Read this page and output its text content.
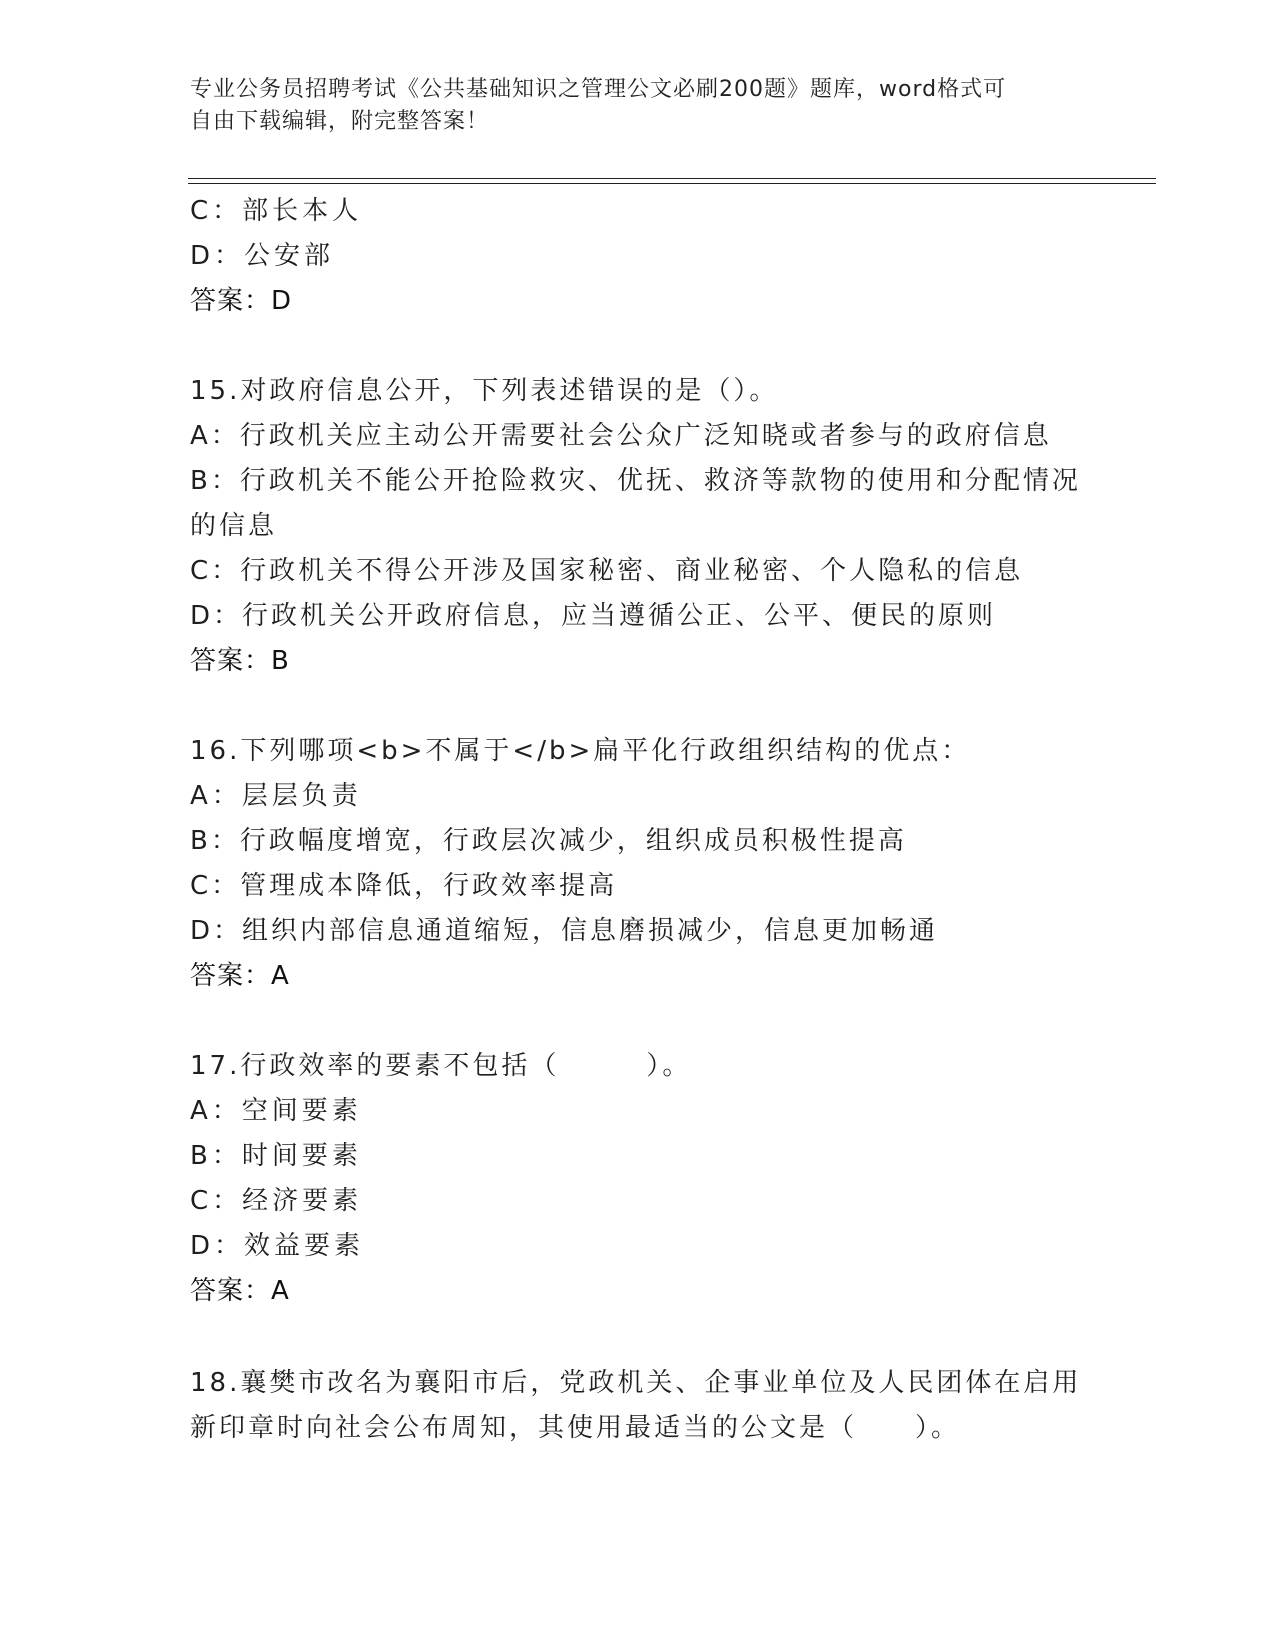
专业公务员招聘考试《公共基础知识之管理公文必刷200题》题库，word格式可
自由下载编辑，附完整答案！
C：部长本人
D：公安部
答案：D
15.对政府信息公开，下列表述错误的是（）。
A：行政机关应主动公开需要社会公众广泛知晓或者参与的政府信息
B：行政机关不能公开抢险救灾、优抚、救济等款物的使用和分配情况
的信息
C：行政机关不得公开涉及国家秘密、商业秘密、个人隐私的信息
D：行政机关公开政府信息，应当遵循公正、公平、便民的原则
答案：B
16.下列哪项<b>不属于</b>扁平化行政组织结构的优点：
A：层层负责
B：行政幅度增宽，行政层次减少，组织成员积极性提高
C：管理成本降低，行政效率提高
D：组织内部信息通道缩短，信息磨损减少，信息更加畅通
答案：A
17.行政效率的要素不包括（　　　）。
A：空间要素
B：时间要素
C：经济要素
D：效益要素
答案：A
18.襄樊市改名为襄阳市后，党政机关、企事业单位及人民团体在启用
新印章时向社会公布周知，其使用最适当的公文是（　　）。
